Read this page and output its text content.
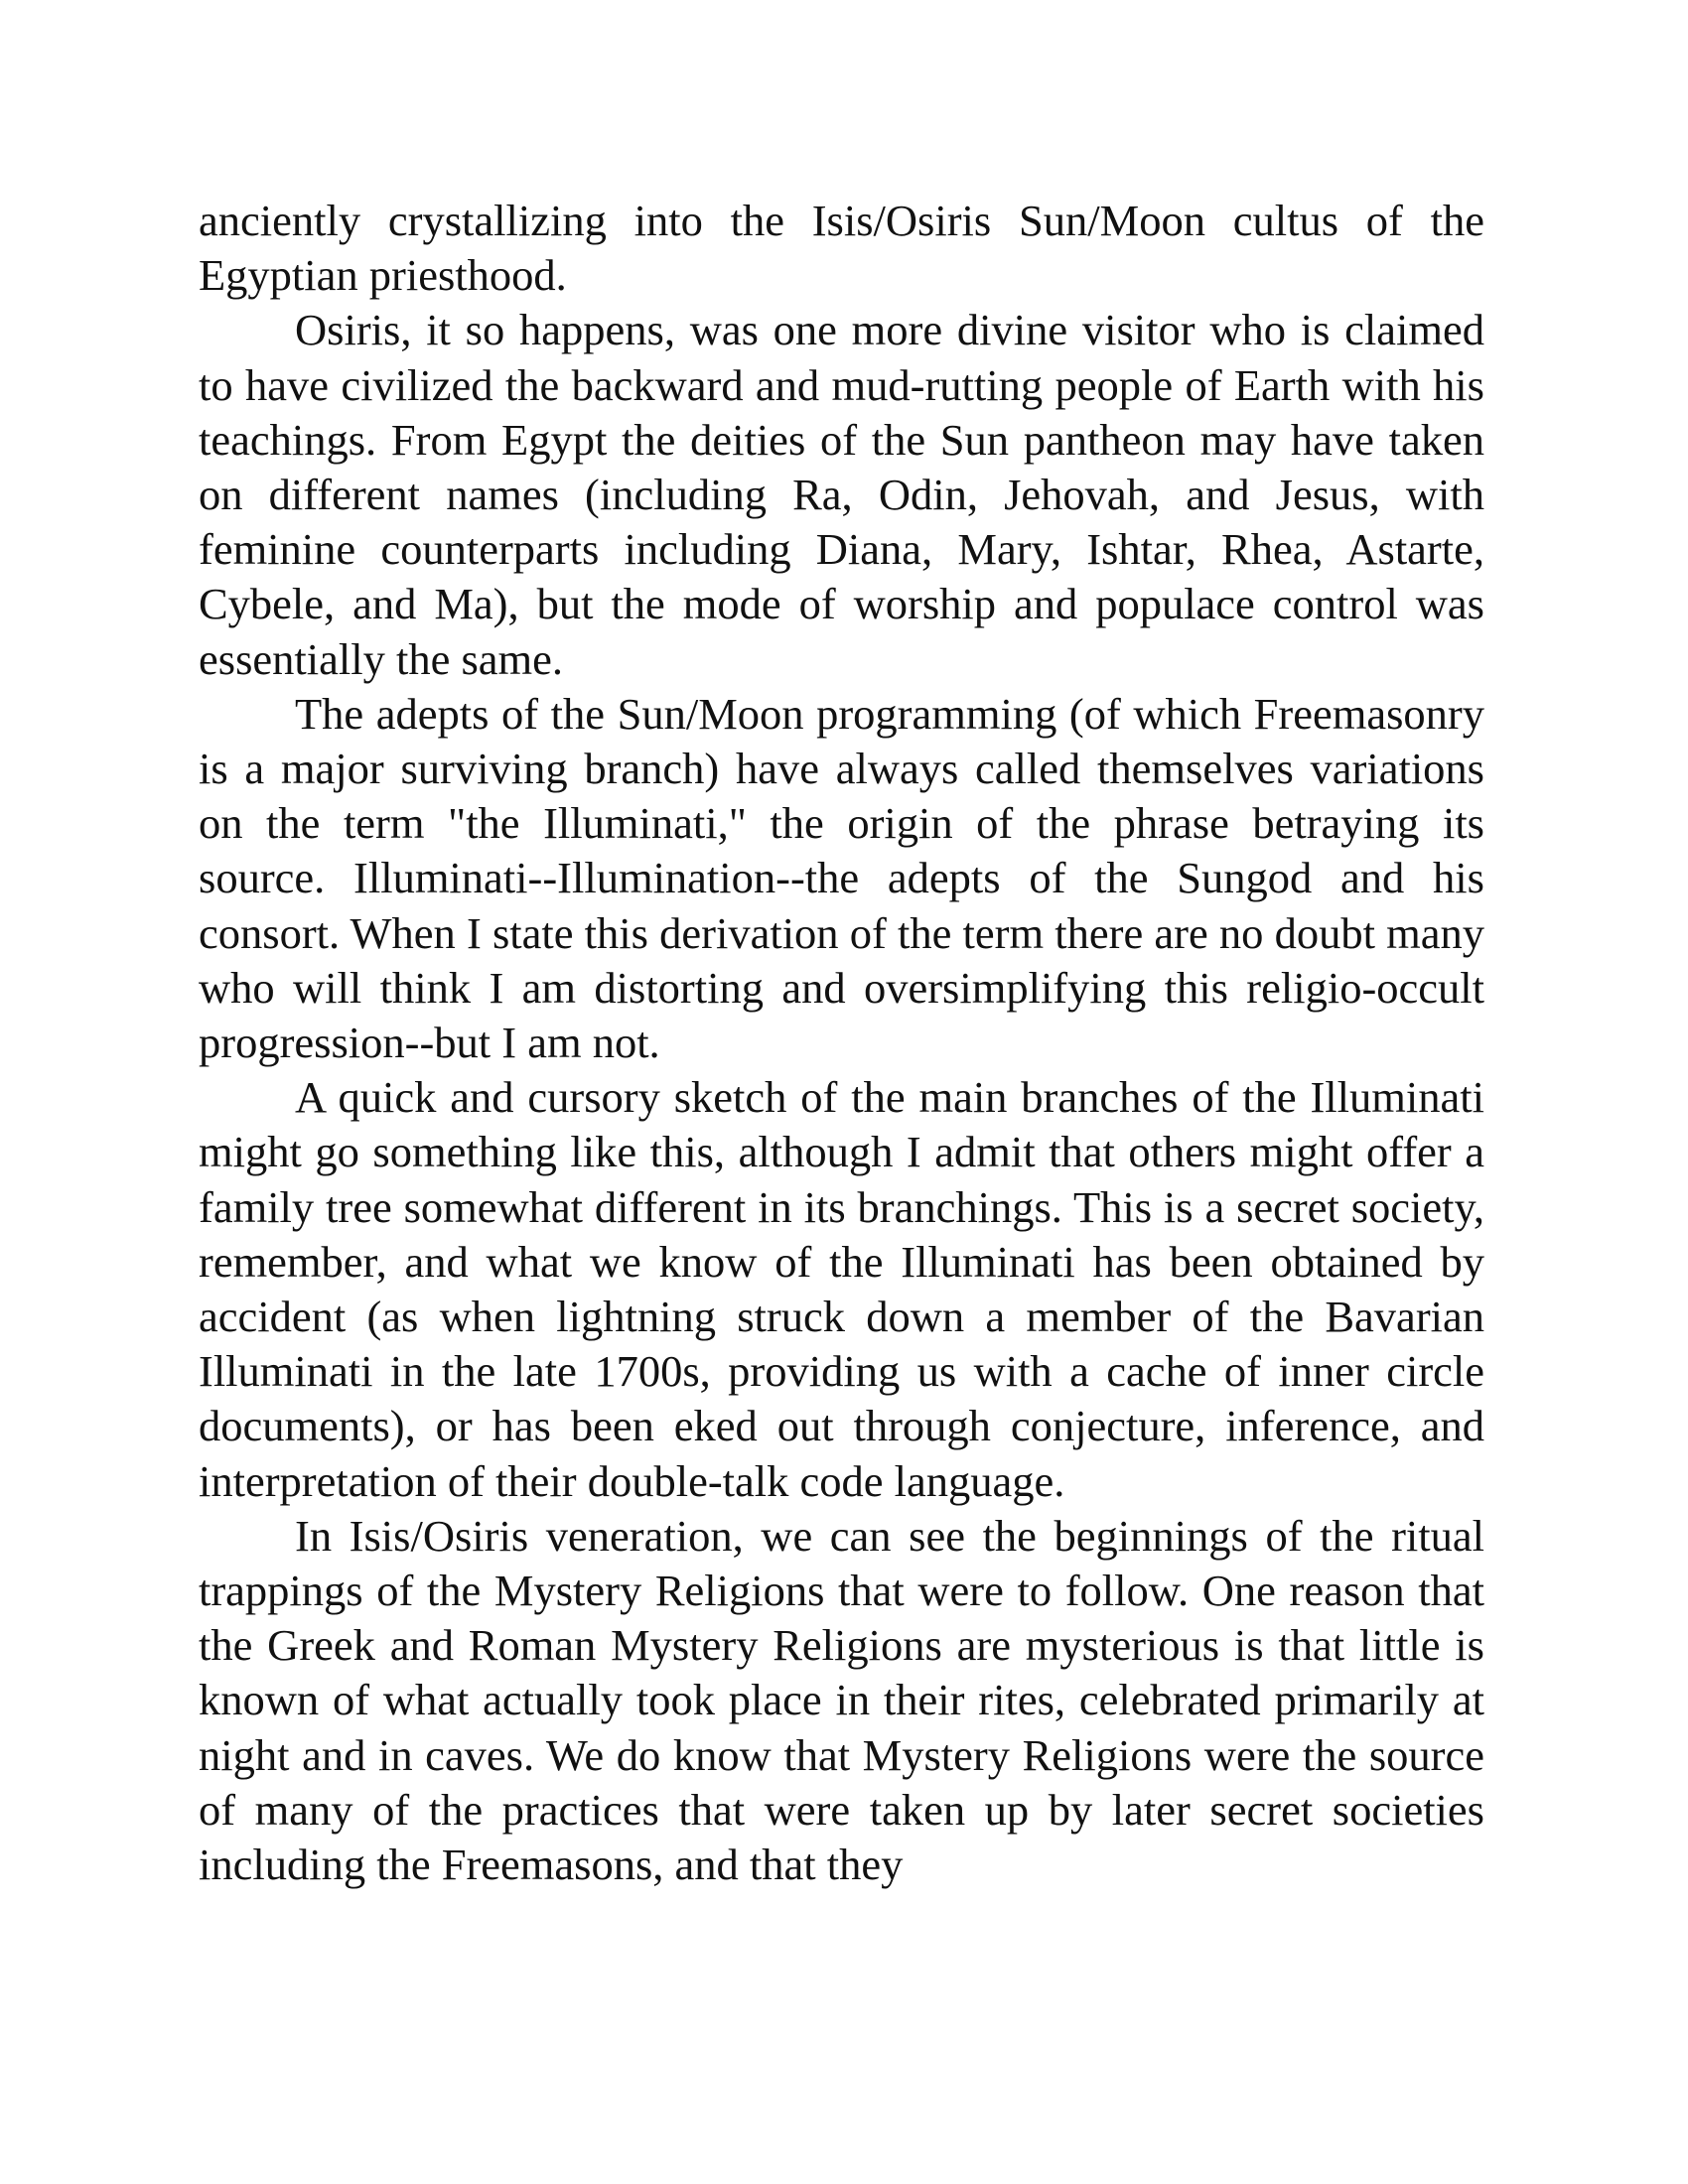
anciently crystallizing into the Isis/Osiris Sun/Moon cultus of the Egyptian priesthood.

Osiris, it so happens, was one more divine visitor who is claimed to have civilized the backward and mud-rutting people of Earth with his teachings. From Egypt the deities of the Sun pantheon may have taken on different names (including Ra, Odin, Jehovah, and Jesus, with feminine counterparts including Diana, Mary, Ishtar, Rhea, Astarte, Cybele, and Ma), but the mode of worship and populace control was essentially the same.

The adepts of the Sun/Moon programming (of which Freemasonry is a major surviving branch) have always called themselves variations on the term "the Illuminati," the origin of the phrase betraying its source. Illuminati--Illumination--the adepts of the Sungod and his consort. When I state this derivation of the term there are no doubt many who will think I am distorting and oversimplifying this religio-occult progression--but I am not.

A quick and cursory sketch of the main branches of the Illuminati might go something like this, although I admit that others might offer a family tree somewhat different in its branchings. This is a secret society, remember, and what we know of the Illuminati has been obtained by accident (as when lightning struck down a member of the Bavarian Illuminati in the late 1700s, providing us with a cache of inner circle documents), or has been eked out through conjecture, inference, and interpretation of their double-talk code language.

In Isis/Osiris veneration, we can see the beginnings of the ritual trappings of the Mystery Religions that were to follow. One reason that the Greek and Roman Mystery Religions are mysterious is that little is known of what actually took place in their rites, celebrated primarily at night and in caves. We do know that Mystery Religions were the source of many of the practices that were taken up by later secret societies including the Freemasons, and that they
